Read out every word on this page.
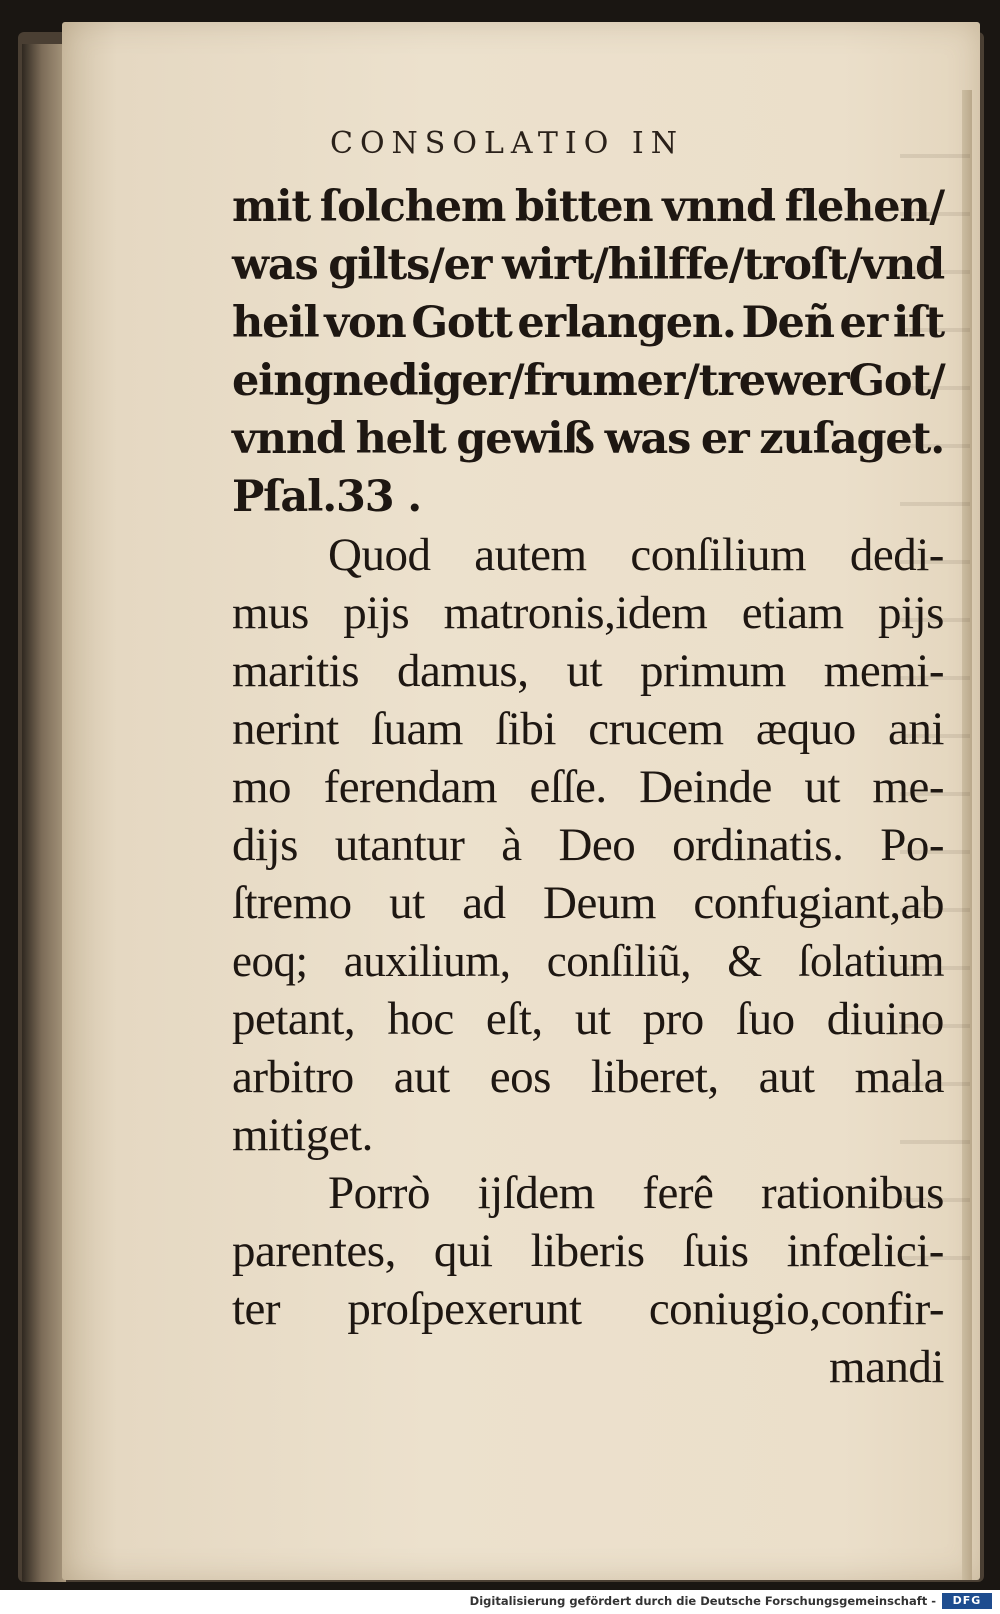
CONSOLATIO IN
mit ſolchem bitten vnnd flehen/
was gilts/er wirt/hilffe/troſt/vnd
heil von Gott erlangen. Deñ er iſt
ein gnediger/frumer/trewer Got/
vnnd helt gewiß was er zuſaget.
Pſal.33 .
Quod autem conſilium dedi-
mus pijs matronis,idem etiam pijs
maritis damus, ut primum memi-
nerint ſuam ſibi crucem æquo ani
mo ferendam eſſe. Deinde ut me-
dijs utantur à Deo ordinatis. Po-
ſtremo ut ad Deum confugiant,ab
eoq; auxilium, conſiliũ, & ſolatium
petant, hoc eſt, ut pro ſuo diuino
arbitro aut eos liberet, aut mala
mitiget.
Porrò ijſdem ferê rationibus
parentes, qui liberis ſuis infœlici-
ter proſpexerunt coniugio,confir-
mandi
Digitalisierung gefördert durch die Deutsche Forschungsgemeinschaft -	DFG
